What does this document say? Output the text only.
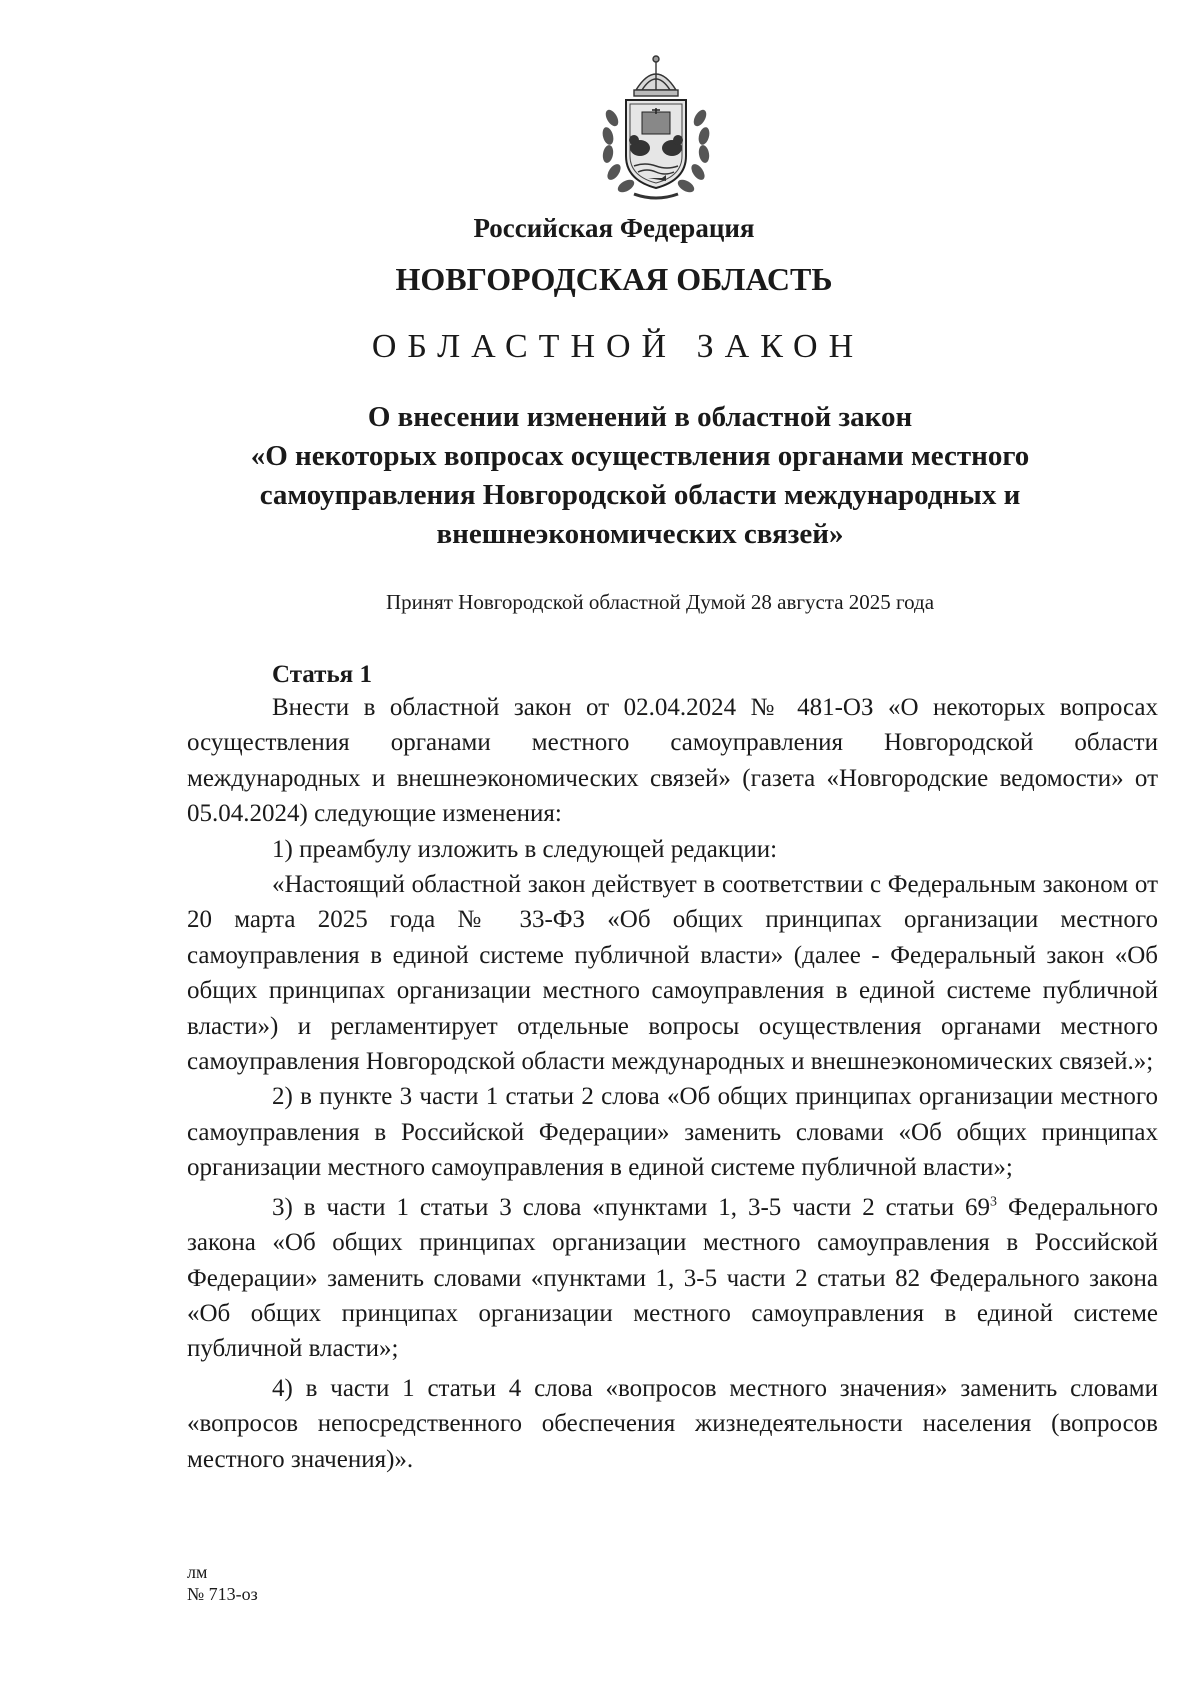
Российская Федерация
НОВГОРОДСКАЯ ОБЛАСТЬ
ОБЛАСТНОЙ ЗАКОН
О внесении изменений в областной закон
«О некоторых вопросах осуществления органами местного
самоуправления Новгородской области международных и
внешнеэкономических связей»
Принят Новгородской областной Думой 28 августа 2025 года
Статья 1

Внести в областной закон от 02.04.2024 № 481-ОЗ «О некоторых вопросах осуществления органами местного самоуправления Новгородской области международных и внешнеэкономических связей» (газета «Новгородские ведомости» от 05.04.2024) следующие изменения:

1) преамбулу изложить в следующей редакции:

«Настоящий областной закон действует в соответствии с Федеральным законом от 20 марта 2025 года № 33-ФЗ «Об общих принципах организации местного самоуправления в единой системе публичной власти» (далее - Федеральный закон «Об общих принципах организации местного самоуправления в единой системе публичной власти») и регламентирует отдельные вопросы осуществления органами местного самоуправления Новгородской области международных и внешнеэкономических связей.»;

2) в пункте 3 части 1 статьи 2 слова «Об общих принципах организации местного самоуправления в Российской Федерации» заменить словами «Об общих принципах организации местного самоуправления в единой системе публичной власти»;

3) в части 1 статьи 3 слова «пунктами 1, 3-5 части 2 статьи $69^3$ Федерального закона «Об общих принципах организации местного самоуправления в Российской Федерации» заменить словами «пунктами 1, 3-5 части 2 статьи 82 Федерального закона «Об общих принципах организации местного самоуправления в единой системе публичной власти»;

4) в части 1 статьи 4 слова «вопросов местного значения» заменить словами «вопросов непосредственного обеспечения жизнедеятельности населения (вопросов местного значения)».

лм
№ 713-оз
